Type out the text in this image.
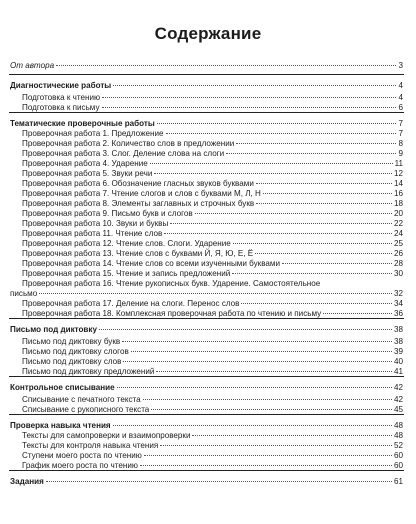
Содержание
От автора	3
Диагностические работы	4
Подготовка к чтению	4
Подготовка к письму	6
Тематические проверочные работы	7
Проверочная работа 1. Предложение	7
Проверочная работа 2. Количество слов в предложении	8
Проверочная работа 3. Слог. Деление слова на слоги	9
Проверочная работа 4. Ударение	11
Проверочная работа 5. Звуки речи	12
Проверочная работа 6. Обозначение гласных звуков буквами	14
Проверочная работа 7. Чтение слогов и слов с буквами М, Л, Н	16
Проверочная работа 8. Элементы заглавных и строчных букв	18
Проверочная работа 9. Письмо букв и слогов	20
Проверочная работа 10. Звуки и буквы	22
Проверочная работа 11. Чтение слов	24
Проверочная работа 12. Чтение слов. Слоги. Ударение	25
Проверочная работа 13. Чтение слов с буквами Й, Я, Ю, Е, Ё	26
Проверочная работа 14. Чтение слов со всеми изученными буквами	28
Проверочная работа 15. Чтение и запись предложений	30
Проверочная работа 16. Чтение рукописных букв. Ударение. Самостоятельное
письмо	32
Проверочная работа 17. Деление на слоги. Перенос слов	34
Проверочная работа 18. Комплексная проверочная работа по чтению и письму	36
Письмо под диктовку	38
Письмо под диктовку букв	38
Письмо под диктовку слогов	39
Письмо под диктовку слов	40
Письмо под диктовку предложений	41
Контрольное списывание	42
Списывание с печатного текста	42
Списывание с рукописного текста	45
Проверка навыка чтения	48
Тексты для самопроверки и взаимопроверки	48
Тексты для контроля навыка чтения	52
Ступени моего роста по чтению	60
График моего роста по чтению	60
Задания	61
